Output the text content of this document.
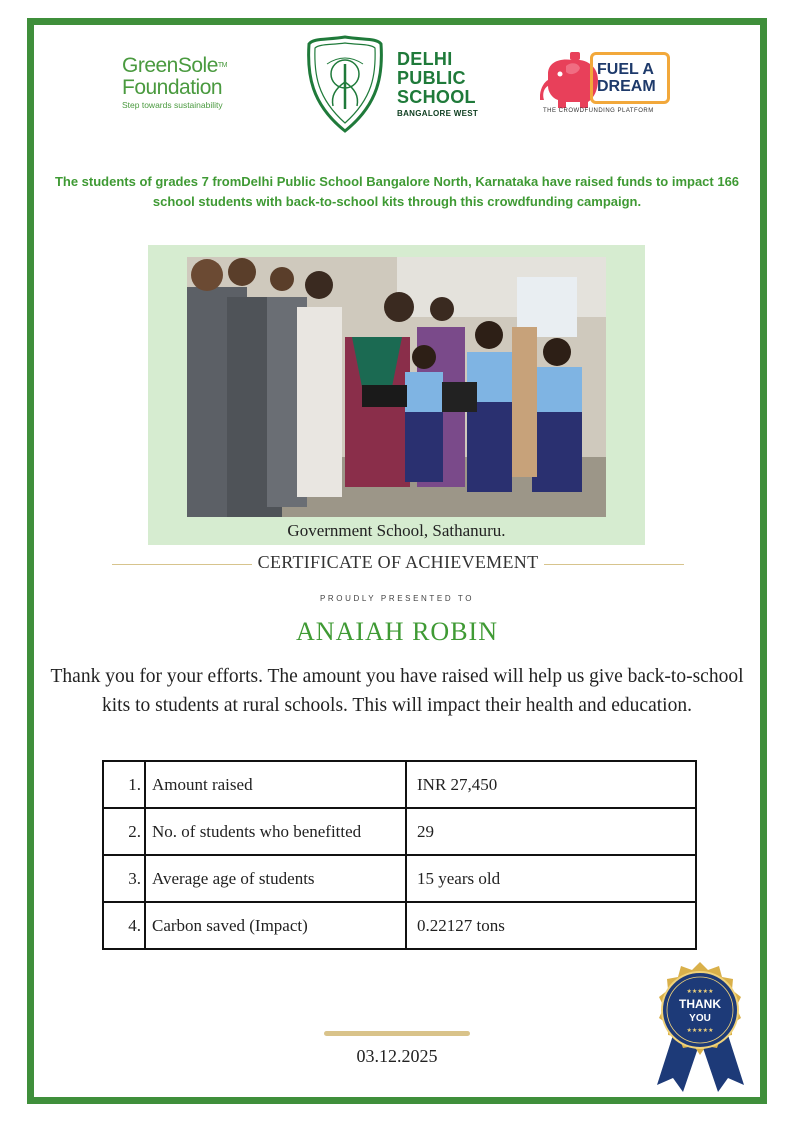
GreenSole™
Foundation
Step towards sustainability
DELHI
PUBLIC
SCHOOL
BANGALORE WEST
FUEL A
DREAM
THE CROWDFUNDING PLATFORM
The students of grades 7 fromDelhi Public School Bangalore North, Karnataka have raised funds to impact 166 school students with back-to-school kits through this crowdfunding campaign.
Government School, Sathanuru.
CERTIFICATE OF ACHIEVEMENT
PROUDLY PRESENTED TO
ANAIAH ROBIN
Thank you for your efforts. The amount you have raised will help us give back-to-school kits to students at rural schools. This will impact their health and education.
1.	Amount raised	INR 27,450
2.	No. of students who benefitted	29
3.	Average age of students	15 years old
4.	Carbon saved (Impact)	0.22127 tons
★★★★★
THANK
YOU
★★★★★
03.12.2025
